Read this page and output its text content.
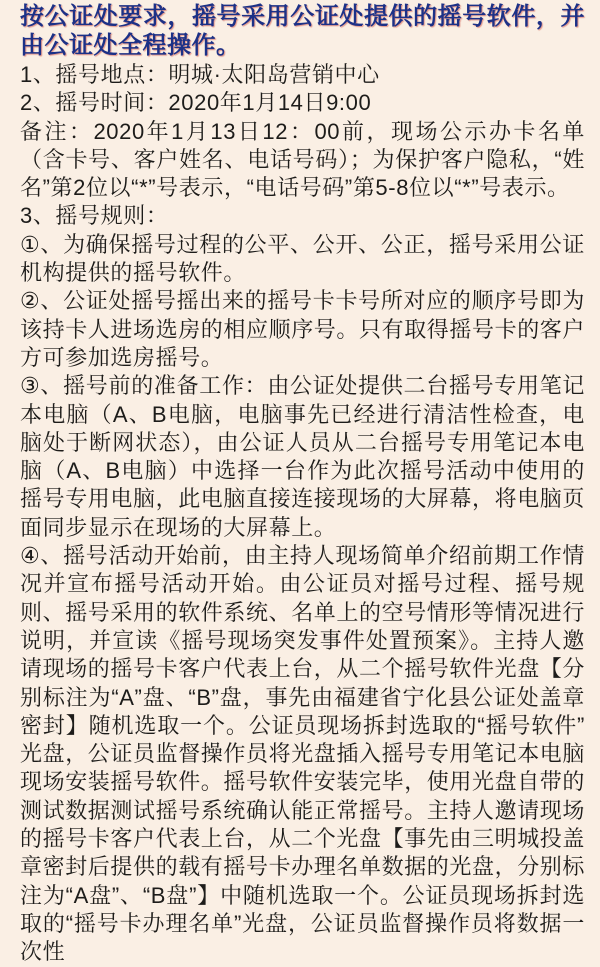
按公证处要求，摇号采用公证处提供的摇号软件，并由公证处全程操作。

1、摇号地点：明城·太阳岛营销中心

2、摇号时间：2020年1月14日9:00

备注：2020年1月13日12：00前，现场公示办卡名单（含卡号、客户姓名、电话号码）；为保护客户隐私，“姓名”第2位以“*”号表示，“电话号码”第5-8位以“*”号表示。

3、摇号规则：

①、为确保摇号过程的公平、公开、公正，摇号采用公证机构提供的摇号软件。

②、公证处摇号摇出来的摇号卡卡号所对应的顺序号即为该持卡人进场选房的相应顺序号。只有取得摇号卡的客户方可参加选房摇号。

③、摇号前的准备工作：由公证处提供二台摇号专用笔记本电脑（A、B电脑，电脑事先已经进行清洁性检查，电脑处于断网状态），由公证人员从二台摇号专用笔记本电脑（A、B电脑）中选择一台作为此次摇号活动中使用的摇号专用电脑，此电脑直接连接现场的大屏幕，将电脑页面同步显示在现场的大屏幕上。

④、摇号活动开始前，由主持人现场简单介绍前期工作情况并宣布摇号活动开始。由公证员对摇号过程、摇号规则、摇号采用的软件系统、名单上的空号情形等情况进行说明，并宣读《摇号现场突发事件处置预案》。主持人邀请现场的摇号卡客户代表上台，从二个摇号软件光盘【分别标注为“A”盘、“B”盘，事先由福建省宁化县公证处盖章密封】随机选取一个。公证员现场拆封选取的“摇号软件”光盘，公证员监督操作员将光盘插入摇号专用笔记本电脑现场安装摇号软件。摇号软件安装完毕，使用光盘自带的测试数据测试摇号系统确认能正常摇号。主持人邀请现场的摇号卡客户代表上台，从二个光盘【事先由三明城投盖章密封后提供的载有摇号卡办理名单数据的光盘，分别标注为“A盘”、“B盘”】中随机选取一个。公证员现场拆封选取的“摇号卡办理名单”光盘，公证员监督操作员将数据一次性
